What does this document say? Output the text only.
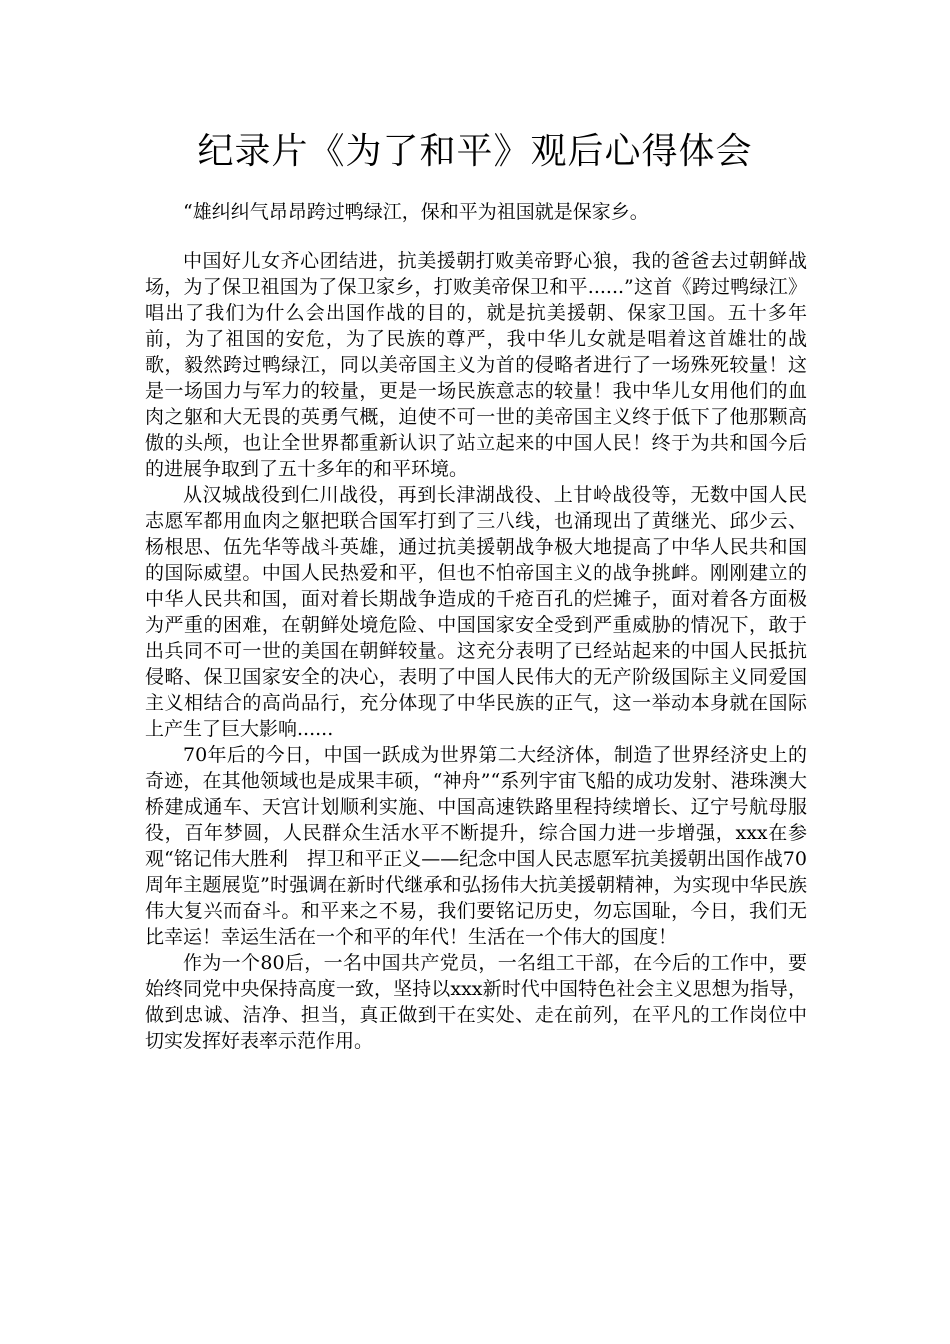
纪录片《为了和平》观后心得体会

“雄纠纠气昂昂跨过鸭绿江，保和平为祖国就是保家乡。

中国好儿女齐心团结进，抗美援朝打败美帝野心狼，我的爸爸去过朝鲜战场，为了保卫祖国为了保卫家乡，打败美帝保卫和平......”这首《跨过鸭绿江》唱出了我们为什么会出国作战的目的，就是抗美援朝、保家卫国。五十多年前，为了祖国的安危，为了民族的尊严，我中华儿女就是唱着这首雄壮的战歌，毅然跨过鸭绿江，同以美帝国主义为首的侵略者进行了一场殊死较量！这是一场国力与军力的较量，更是一场民族意志的较量！我中华儿女用他们的血肉之躯和大无畏的英勇气概，迫使不可一世的美帝国主义终于低下了他那颗高傲的头颅，也让全世界都重新认识了站立起来的中国人民！终于为共和国今后的进展争取到了五十多年的和平环境。

从汉城战役到仁川战役，再到长津湖战役、上甘岭战役等，无数中国人民志愿军都用血肉之躯把联合国军打到了三八线，也涌现出了黄继光、邱少云、杨根思、伍先华等战斗英雄，通过抗美援朝战争极大地提高了中华人民共和国的国际威望。中国人民热爱和平，但也不怕帝国主义的战争挑衅。刚刚建立的中华人民共和国，面对着长期战争造成的千疮百孔的烂摊子，面对着各方面极为严重的困难，在朝鲜处境危险、中国国家安全受到严重威胁的情况下，敢于出兵同不可一世的美国在朝鲜较量。这充分表明了已经站起来的中国人民抵抗侵略、保卫国家安全的决心，表明了中国人民伟大的无产阶级国际主义同爱国主义相结合的高尚品行，充分体现了中华民族的正气，这一举动本身就在国际上产生了巨大影响......

70年后的今日，中国一跃成为世界第二大经济体，制造了世界经济史上的奇迹，在其他领域也是成果丰硕，“神舟”“系列宇宙飞船的成功发射、港珠澳大桥建成通车、天宫计划顺利实施、中国高速铁路里程持续增长、辽宁号航母服役，百年梦圆，人民群众生活水平不断提升，综合国力进一步增强，xxx在参观“铭记伟大胜利　捍卫和平正义——纪念中国人民志愿军抗美援朝出国作战70周年主题展览”时强调在新时代继承和弘扬伟大抗美援朝精神，为实现中华民族伟大复兴而奋斗。和平来之不易，我们要铭记历史，勿忘国耻，今日，我们无比幸运！幸运生活在一个和平的年代！生活在一个伟大的国度！

作为一个80后，一名中国共产党员，一名组工干部，在今后的工作中，要始终同党中央保持高度一致，坚持以xxx新时代中国特色社会主义思想为指导，做到忠诚、洁净、担当，真正做到干在实处、走在前列，在平凡的工作岗位中切实发挥好表率示范作用。
